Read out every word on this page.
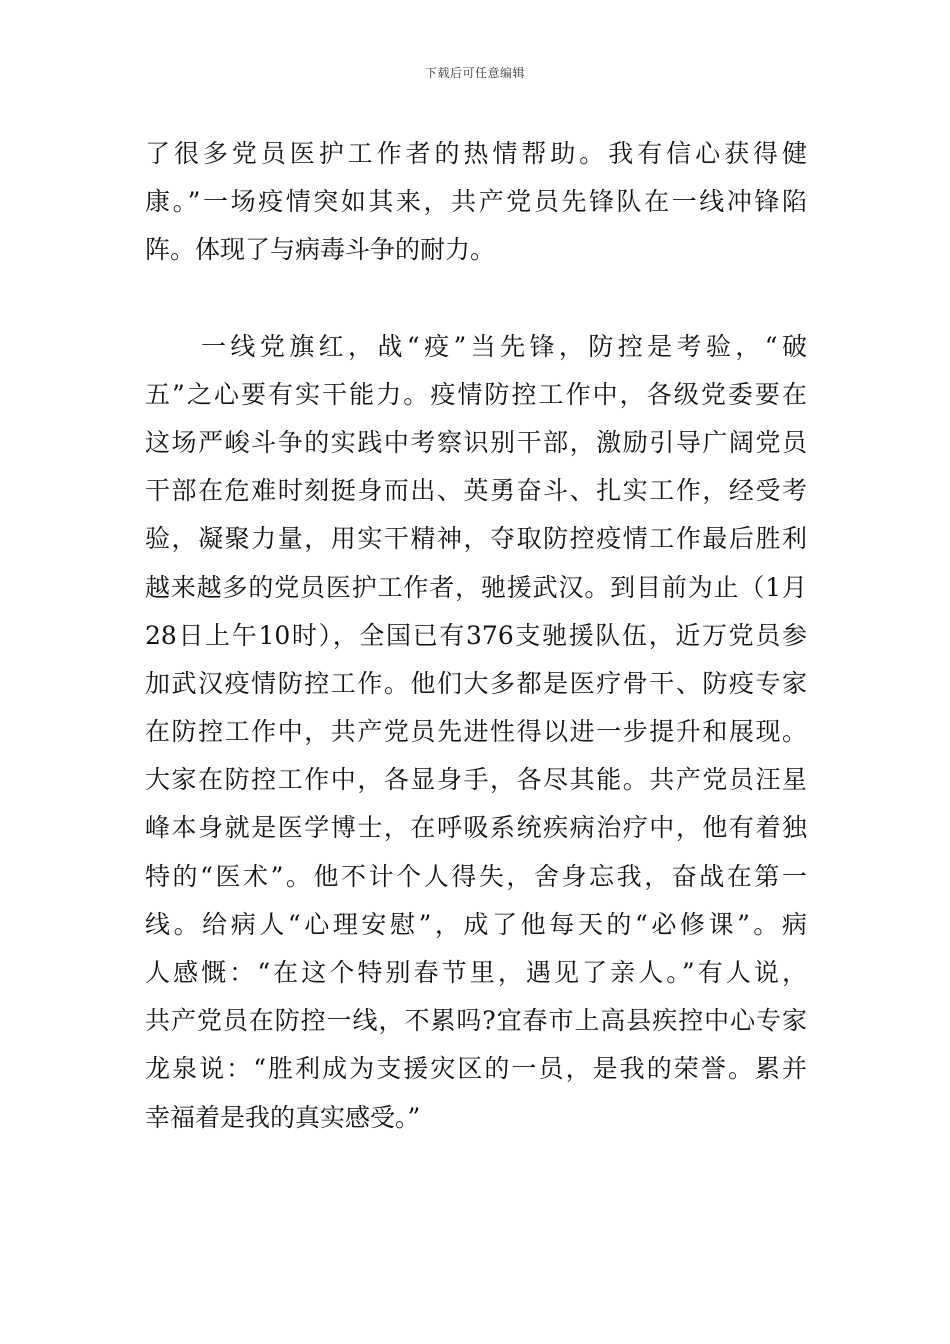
下载后可任意编辑
了很多党员医护工作者的热情帮助。我有信心获得健
康。”一场疫情突如其来，共产党员先锋队在一线冲锋陷
阵。体现了与病毒斗争的耐力。
一线党旗红，战“疫”当先锋，防控是考验，“破
五”之心要有实干能力。疫情防控工作中，各级党委要在
这场严峻斗争的实践中考察识别干部，激励引导广阔党员
干部在危难时刻挺身而出、英勇奋斗、扎实工作，经受考
验，凝聚力量，用实干精神，夺取防控疫情工作最后胜利
越来越多的党员医护工作者，驰援武汉。到目前为止（1月
28日上午10时），全国已有376支驰援队伍，近万党员参
加武汉疫情防控工作。他们大多都是医疗骨干、防疫专家
在防控工作中，共产党员先进性得以进一步提升和展现。
大家在防控工作中，各显身手，各尽其能。共产党员汪星
峰本身就是医学博士，在呼吸系统疾病治疗中，他有着独
特的“医术”。他不计个人得失，舍身忘我，奋战在第一
线。给病人“心理安慰”，成了他每天的“必修课”。病
人感慨：“在这个特别春节里，遇见了亲人。”有人说，
共产党员在防控一线，不累吗?宜春市上高县疾控中心专家
龙泉说：“胜利成为支援灾区的一员，是我的荣誉。累并
幸福着是我的真实感受。”
